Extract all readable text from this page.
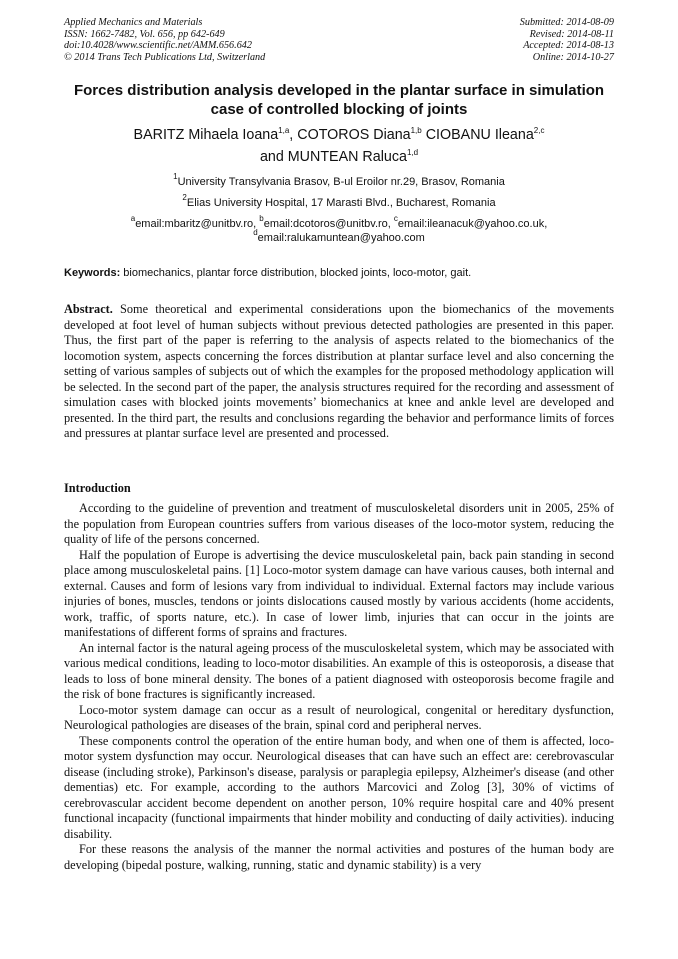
Applied Mechanics and Materials
ISSN: 1662-7482, Vol. 656, pp 642-649
doi:10.4028/www.scientific.net/AMM.656.642
© 2014 Trans Tech Publications Ltd, Switzerland
Submitted: 2014-08-09
Revised: 2014-08-11
Accepted: 2014-08-13
Online: 2014-10-27
Forces distribution analysis developed in the plantar surface in simulation case of controlled blocking of joints
BARITZ Mihaela Ioana$^{1,a}$, COTOROS Diana$^{1,b}$ CIOBANU Ileana$^{2,c}$
and MUNTEAN Raluca$^{1,d}$
$^1$University Transylvania Brasov, B-ul Eroilor nr.29, Brasov, Romania
$^2$Elias University Hospital, 17 Marasti Blvd., Bucharest, Romania
$^a$email:mbaritz@unitbv.ro, $^b$email:dcotoros@unitbv.ro, $^c$email:ileanacuk@yahoo.co.uk,
$^d$email:ralukamuntean@yahoo.com
Keywords: biomechanics, plantar force distribution, blocked joints, loco-motor, gait.
Abstract. Some theoretical and experimental considerations upon the biomechanics of the movements developed at foot level of human subjects without previous detected pathologies are presented in this paper. Thus, the first part of the paper is referring to the analysis of aspects related to the biomechanics of the locomotion system, aspects concerning the forces distribution at plantar surface level and also concerning the setting of various samples of subjects out of which the examples for the proposed methodology application will be selected. In the second part of the paper, the analysis structures required for the recording and assessment of simulation cases with blocked joints movements’ biomechanics at knee and ankle level are developed and presented. In the third part, the results and conclusions regarding the behavior and performance limits of forces and pressures at plantar surface level are presented and processed.
Introduction

According to the guideline of prevention and treatment of musculoskeletal disorders unit in 2005, 25% of the population from European countries suffers from various diseases of the loco-motor system, reducing the quality of life of the persons concerned.

Half the population of Europe is advertising the device musculoskeletal pain, back pain standing in second place among musculoskeletal pains. [1] Loco-motor system damage can have various causes, both internal and external. Causes and form of lesions vary from individual to individual. External factors may include various injuries of bones, muscles, tendons or joints dislocations caused mostly by various accidents (home accidents, work, traffic, of sports nature, etc.). In case of lower limb, injuries that can occur in the joints are manifestations of different forms of sprains and fractures.

An internal factor is the natural ageing process of the musculoskeletal system, which may be associated with various medical conditions, leading to loco-motor disabilities. An example of this is osteoporosis, a disease that leads to loss of bone mineral density. The bones of a patient diagnosed with osteoporosis become fragile and the risk of bone fractures is significantly increased.

Loco-motor system damage can occur as a result of neurological, congenital or hereditary dysfunction, Neurological pathologies are diseases of the brain, spinal cord and peripheral nerves.

These components control the operation of the entire human body, and when one of them is affected, loco-motor system dysfunction may occur. Neurological diseases that can have such an effect are: cerebrovascular disease (including stroke), Parkinson's disease, paralysis or paraplegia epilepsy, Alzheimer's disease (and other dementias) etc. For example, according to the authors Marcovici and Zolog [3], 30% of victims of cerebrovascular accident become dependent on another person, 10% require hospital care and 40% present functional incapacity (functional impairments that hinder mobility and conducting of daily activities). inducing disability.

For these reasons the analysis of the manner the normal activities and postures of the human body are developing (bipedal posture, walking, running, static and dynamic stability) is a very
